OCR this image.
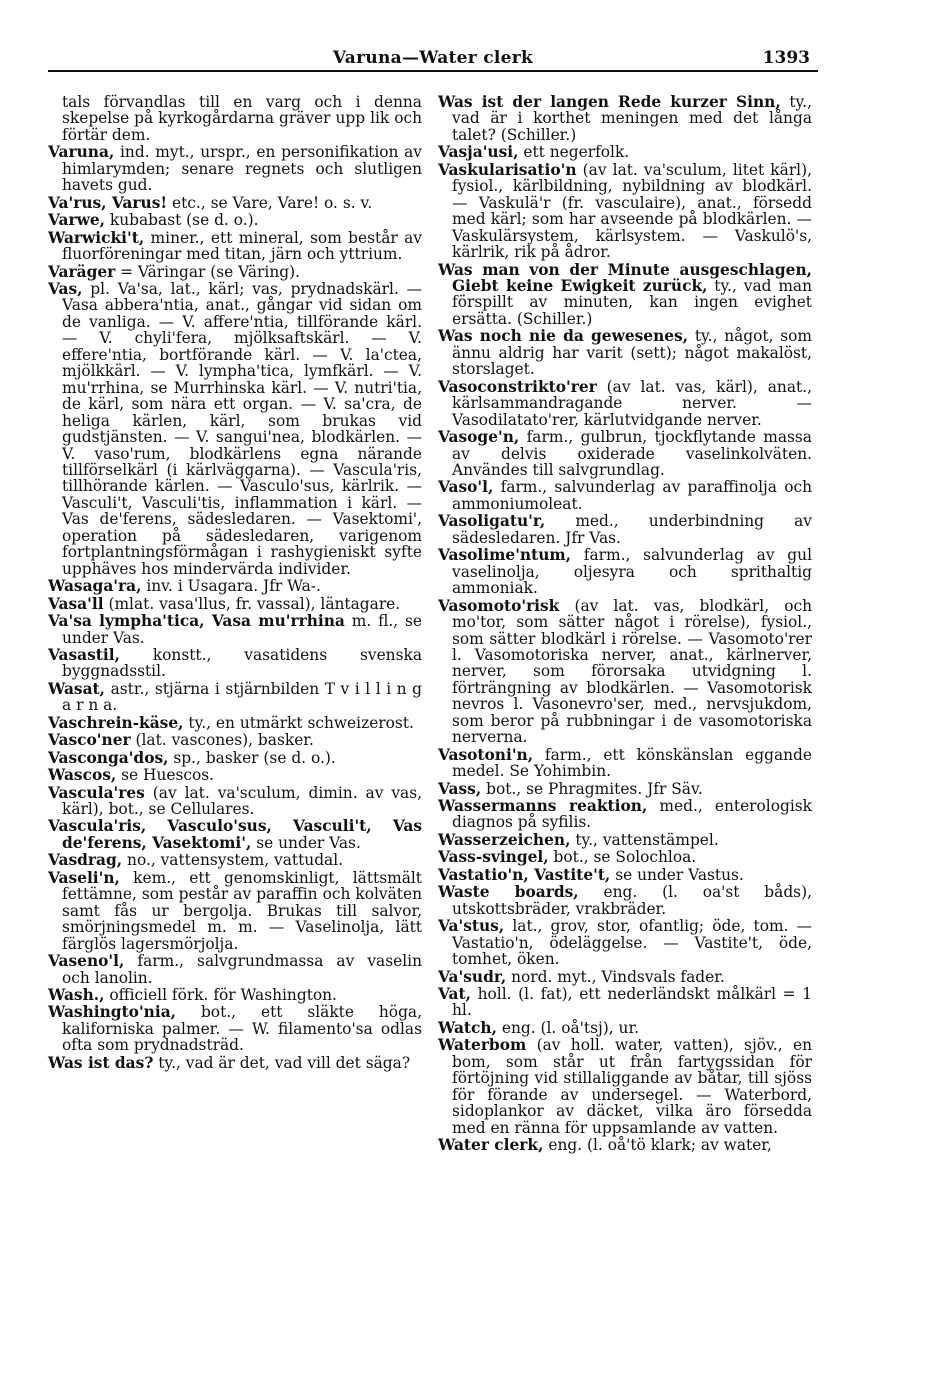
Varuna—Water clerk	1393

tals förvandlas till en varg och i denna skepelse på kyrkogårdarna gräver upp lik och förtär dem.

Varuna, ind. myt., urspr., en personifikation av himlarymden; senare regnets och slutligen havets gud.

Va'rus, Varus! etc., se Vare, Vare! o. s. v.

Varwe, kubabast (se d. o.).

Warwicki't, miner., ett mineral, som består av fluorföreningar med titan, järn och yttrium.

Varäger = Väringar (se Väring).

Vas, pl. Va'sa, lat., kärl; vas, prydnadskärl. — Vasa abbera'ntia, anat., gångar vid sidan om de vanliga. — V. affere'ntia, tillförande kärl. — V. chyli'fera, mjölksaftskärl. — V. efferе'ntia, bortförande kärl. — V. la'ctea, mjölkkärl. — V. lympha'tica, lymfkärl. — V. mu'rrhina, se Murrhinska kärl. — V. nutri'tia, de kärl, som nära ett organ. — V. sa'cra, de heliga kärlen, kärl, som brukas vid gudstjänsten. — V. sangui'nea, blodkärlen. — V. vaso'rum, blodkärlens egna närande tillförselkärl (i kärlväggarna). — Vascula'ris, tillhörande kärlen. — Vasculo'sus, kärlrik. — Vasculi't, Vasculi'tis, inflammation i kärl. — Vas de'ferens, sädesledaren. — Vasektomi', operation på sädesledaren, varigenom fortplantningsförmågan i rashygieniskt syfte upphäves hos mindervärda individer.

Wasaga'ra, inv. i Usagara. Jfr Wa-.

Vasa'll (mlat. vasa'llus, fr. vassal), läntagare.

Va'sa lympha'tica, Vasa mu'rrhina m. fl., se under Vas.

Vasastil, konstt., vasatidens svenska byggnadsstil.

Wasat, astr., stjärna i stjärnbilden T v i l l i n g a r n a.

Vaschrein-käse, ty., en utmärkt schweizerost.

Vasco'ner (lat. vascones), basker.

Vasconga'dos, sp., basker (se d. o.).

Wascos, se Huescos.

Vascula'res (av lat. va'sculum, dimin. av vas, kärl), bot., se Cellulares.

Vascula'ris, Vasculo'sus, Vasculi't, Vas de'ferens, Vasektomi', se under Vas.

Vasdrag, no., vattensystem, vattudal.

Vaseli'n, kem., ett genomskinligt, lättsmält fettämne, som pestår av paraffin och kolväten samt fås ur bergolja. Brukas till salvor, smörjningsmedel m. m. — Vaselinolja, lätt färglös lagersmörjolja.

Vaseno'l, farm., salvgrundmassa av vaselin och lanolin.

Wash., officiell förk. för Washington.

Washingto'nia, bot., ett släkte höga, kaliforniska palmer. — W. filamento'sa odlas ofta som prydnadsträd.

Was ist das? ty., vad är det, vad vill det säga?

Was ist der langen Rede kurzer Sinn, ty., vad är i korthet meningen med det långa talet? (Schiller.)

Vasja'usi, ett negerfolk.

Vaskularisatio'n (av lat. va'sculum, litet kärl), fysiol., kärlbildning, nybildning av blodkärl. — Vaskulä'r (fr. vasculaire), anat., försedd med kärl; som har avseende på blodkärlen. — Vaskulärsystem, kärlsystem. — Vaskulö's, kärlrik, rik på ådror.

Was man von der Minute ausgeschlagen, Giebt keine Ewigkeit zurück, ty., vad man förspillt av minuten, kan ingen evighet ersätta. (Schiller.)

Was noch nie da gewesenes, ty., något, som ännu aldrig har varit (sett); något makalöst, storslaget.

Vasoconstrikto'rer (av lat. vas, kärl), anat., kärlsammandragande nerver. — Vasodilatato'rer, kärlutvidgande nerver.

Vasoge'n, farm., gulbrun, tjockflytande massa av delvis oxiderade vaselinkolväten. Användes till salvgrundlag.

Vaso'l, farm., salvunderlag av paraffinolja och ammoniumoleat.

Vasoligatu'r, med., underbindning av sädesledaren. Jfr Vas.

Vasolime'ntum, farm., salvunderlag av gul vaselinolja, oljesyra och sprithaltig ammoniak.

Vasomoto'risk (av lat. vas, blodkärl, och mo'tor, som sätter något i rörelse), fysiol., som sätter blodkärl i rörelse. — Vasomoto'rer l. Vasomotoriska nerver, anat., kärlnerver, nerver, som förorsaka utvidgning l. förträngning av blodkärlen. — Vasomotorisk nevros l. Vasonevro'ser, med., nervsjukdom, som beror på rubbningar i de vasomotoriska nerverna.

Vasotoni'n, farm., ett könskänslan eggande medel. Se Yohimbin.

Vass, bot., se Phragmites. Jfr Säv.

Wassermanns reaktion, med., enterologisk diagnos på syfilis.

Wasserzeichen, ty., vattenstämpel.

Vass-svingel, bot., se Solochloa.

Vastatio'n, Vastite't, se under Vastus.

Waste boards, eng. (l. oa'st båds), utskottsbräder, vrakbräder.

Va'stus, lat., grov, stor, ofantlig; öde, tom. — Vastatio'n, ödeläggelse. — Vastite't, öde, tomhet, öken.

Va'sudr, nord. myt., Vindsvals fader.

Vat, holl. (l. fat), ett nederländskt målkärl = 1 hl.

Watch, eng. (l. oå'tsj), ur.

Waterbom (av holl. water, vatten), sjöv., en bom, som står ut från fartygssidan för förtöjning vid stillaliggande av båtar, till sjöss för förande av undersegel. — Waterbord, sidoplankor av däcket, vilka äro försedda med en ränna för uppsamlande av vatten.

Water clerk, eng. (l. oå'tö klark; av water,
